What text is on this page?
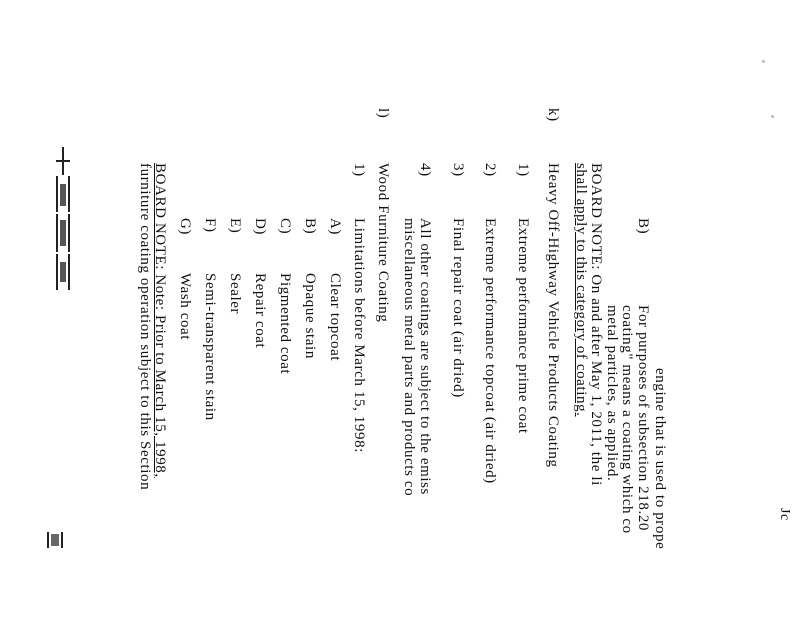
Jc
engine that is used to prope
B)
For purposes of subsection 218.20
coating" means a coating which co
metal particles, as applied.
BOARD NOTE: On and after May 1, 2011, the li
shall apply to this category of coating.
k)
Heavy Off-Highway Vehicle Products Coating
1)
Extreme performance prime coat
2)
Extreme performance topcoat (air dried)
3)
Final repair coat (air dried)
4)
All other coatings are subject to the emiss
miscellaneous metal parts and products co
l)
Wood Furniture Coating
1)
Limitations before March 15, 1998:
A)
Clear topcoat
B)
Opaque stain
C)
Pigmented coat
D)
Repair coat
E)
Sealer
F)
Semi-transparent stain
G)
Wash coat
BOARD NOTE: Note: Prior to March 15, 1998,
furniture coating operation subject to this Section
